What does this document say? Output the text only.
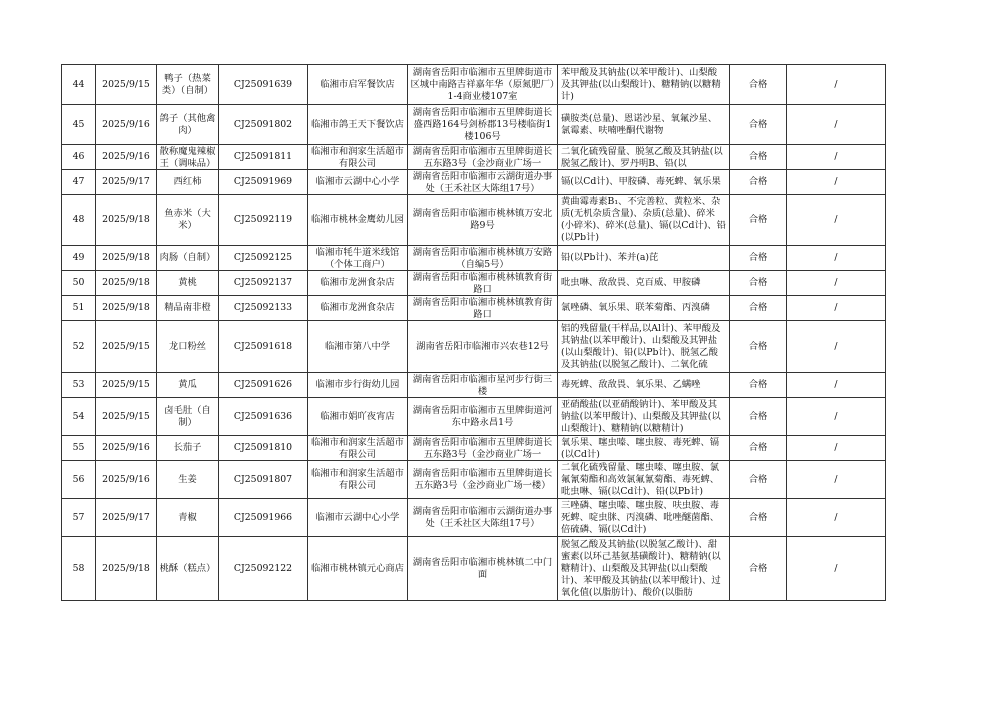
44	2025/9/15	鸭子（热菜类）（自制）	CJ25091639	临湘市启军餐饮店	湖南省岳阳市临湘市五里牌街道市区城中南路吉祥嘉年华（原氮肥厂）1-4商业楼107室	苯甲酸及其钠盐(以苯甲酸计)、山梨酸及其钾盐(以山梨酸计)、糖精钠(以糖精计)	合格	/

45	2025/9/16	鸽子（其他禽肉）	CJ25091802	临湘市鸽王天下餐饮店	湖南省岳阳市临湘市五里牌街道长盛西路164号剑桥郡13号楼临街1楼106号	磺胺类(总量)、恩诺沙星、氧氟沙星、氯霉素、呋喃唑酮代谢物	合格	/

46	2025/9/16	散称魔鬼辣椒王（调味品）	CJ25091811	临湘市和润家生活超市有限公司	湖南省岳阳市临湘市五里牌街道长五东路3号（金沙商业广场一	二氧化硫残留量、脱氢乙酸及其钠盐(以脱氢乙酸计)、罗丹明B、铅(以	合格	/

47	2025/9/17	西红柿	CJ25091969	临湘市云湖中心小学	湖南省岳阳市临湘市云湖街道办事处（王禾社区大陈组17号）	镉(以Cd计)、甲胺磷、毒死蜱、氧乐果	合格	/

48	2025/9/18	鱼赤米（大米）	CJ25092119	临湘市桃林金鹰幼儿园	湖南省岳阳市临湘市桃林镇万安北路9号	黄曲霉毒素B₁、不完善粒、黄粒米、杂质(无机杂质含量)、杂质(总量)、碎米(小碎米)、碎米(总量)、镉(以Cd计)、铅(以Pb计)	合格	/

49	2025/9/18	肉肠（自制）	CJ25092125	临湘市牦牛道米线馆（个体工商户）	湖南省岳阳市临湘市桃林镇万安路（自编5号）	铅(以Pb计)、苯并(a)芘	合格	/

50	2025/9/18	黄桃	CJ25092137	临湘市龙洲食杂店	湖南省岳阳市临湘市桃林镇教育街路口	吡虫啉、敌敌畏、克百威、甲胺磷	合格	/

51	2025/9/18	精品南非橙	CJ25092133	临湘市龙洲食杂店	湖南省岳阳市临湘市桃林镇教育街路口	氯唑磷、氧乐果、联苯菊酯、丙溴磷	合格	/

52	2025/9/15	龙口粉丝	CJ25091618	临湘市第八中学	湖南省岳阳市临湘市兴农巷12号	铝的残留量(干样品,以Al计)、苯甲酸及其钠盐(以苯甲酸计)、山梨酸及其钾盐(以山梨酸计)、铅(以Pb计)、脱氢乙酸及其钠盐(以脱氢乙酸计)、二氧化硫	合格	/

53	2025/9/15	黄瓜	CJ25091626	临湘市步行街幼儿园	湖南省岳阳市临湘市星河步行街三楼	毒死蜱、敌敌畏、氧乐果、乙螨唑	合格	/

54	2025/9/15	卤毛肚（自制）	CJ25091636	临湘市娟吖夜宵店	湖南省岳阳市临湘市五里牌街道河东中路永昌1号	亚硝酸盐(以亚硝酸钠计)、苯甲酸及其钠盐(以苯甲酸计)、山梨酸及其钾盐(以山梨酸计)、糖精钠(以糖精计)	合格	/

55	2025/9/16	长茄子	CJ25091810	临湘市和润家生活超市有限公司	湖南省岳阳市临湘市五里牌街道长五东路3号（金沙商业广场一	氧乐果、噻虫嗪、噻虫胺、毒死蜱、镉(以Cd计)	合格	/

56	2025/9/16	生姜	CJ25091807	临湘市和润家生活超市有限公司	湖南省岳阳市临湘市五里牌街道长五东路3号（金沙商业广场一楼）	二氧化硫残留量、噻虫嗪、噻虫胺、氯氟氰菊酯和高效氯氟氰菊酯、毒死蜱、吡虫啉、镉(以Cd计)、铅(以Pb计)	合格	/

57	2025/9/17	青椒	CJ25091966	临湘市云湖中心小学	湖南省岳阳市临湘市云湖街道办事处（王禾社区大陈组17号）	三唑磷、噻虫嗪、噻虫胺、呋虫胺、毒死蜱、啶虫脒、丙溴磷、吡唑醚菌酯、倍硫磷、镉(以Cd计)	合格	/

58	2025/9/18	桃酥（糕点）	CJ25092122	临湘市桃林镇元心商店	湖南省岳阳市临湘市桃林镇二中门面	脱氢乙酸及其钠盐(以脱氢乙酸计)、甜蜜素(以环己基氨基磺酸计)、糖精钠(以糖精计)、山梨酸及其钾盐(以山梨酸计)、苯甲酸及其钠盐(以苯甲酸计)、过氧化值(以脂肪计)、酸价(以脂肪	合格	/
